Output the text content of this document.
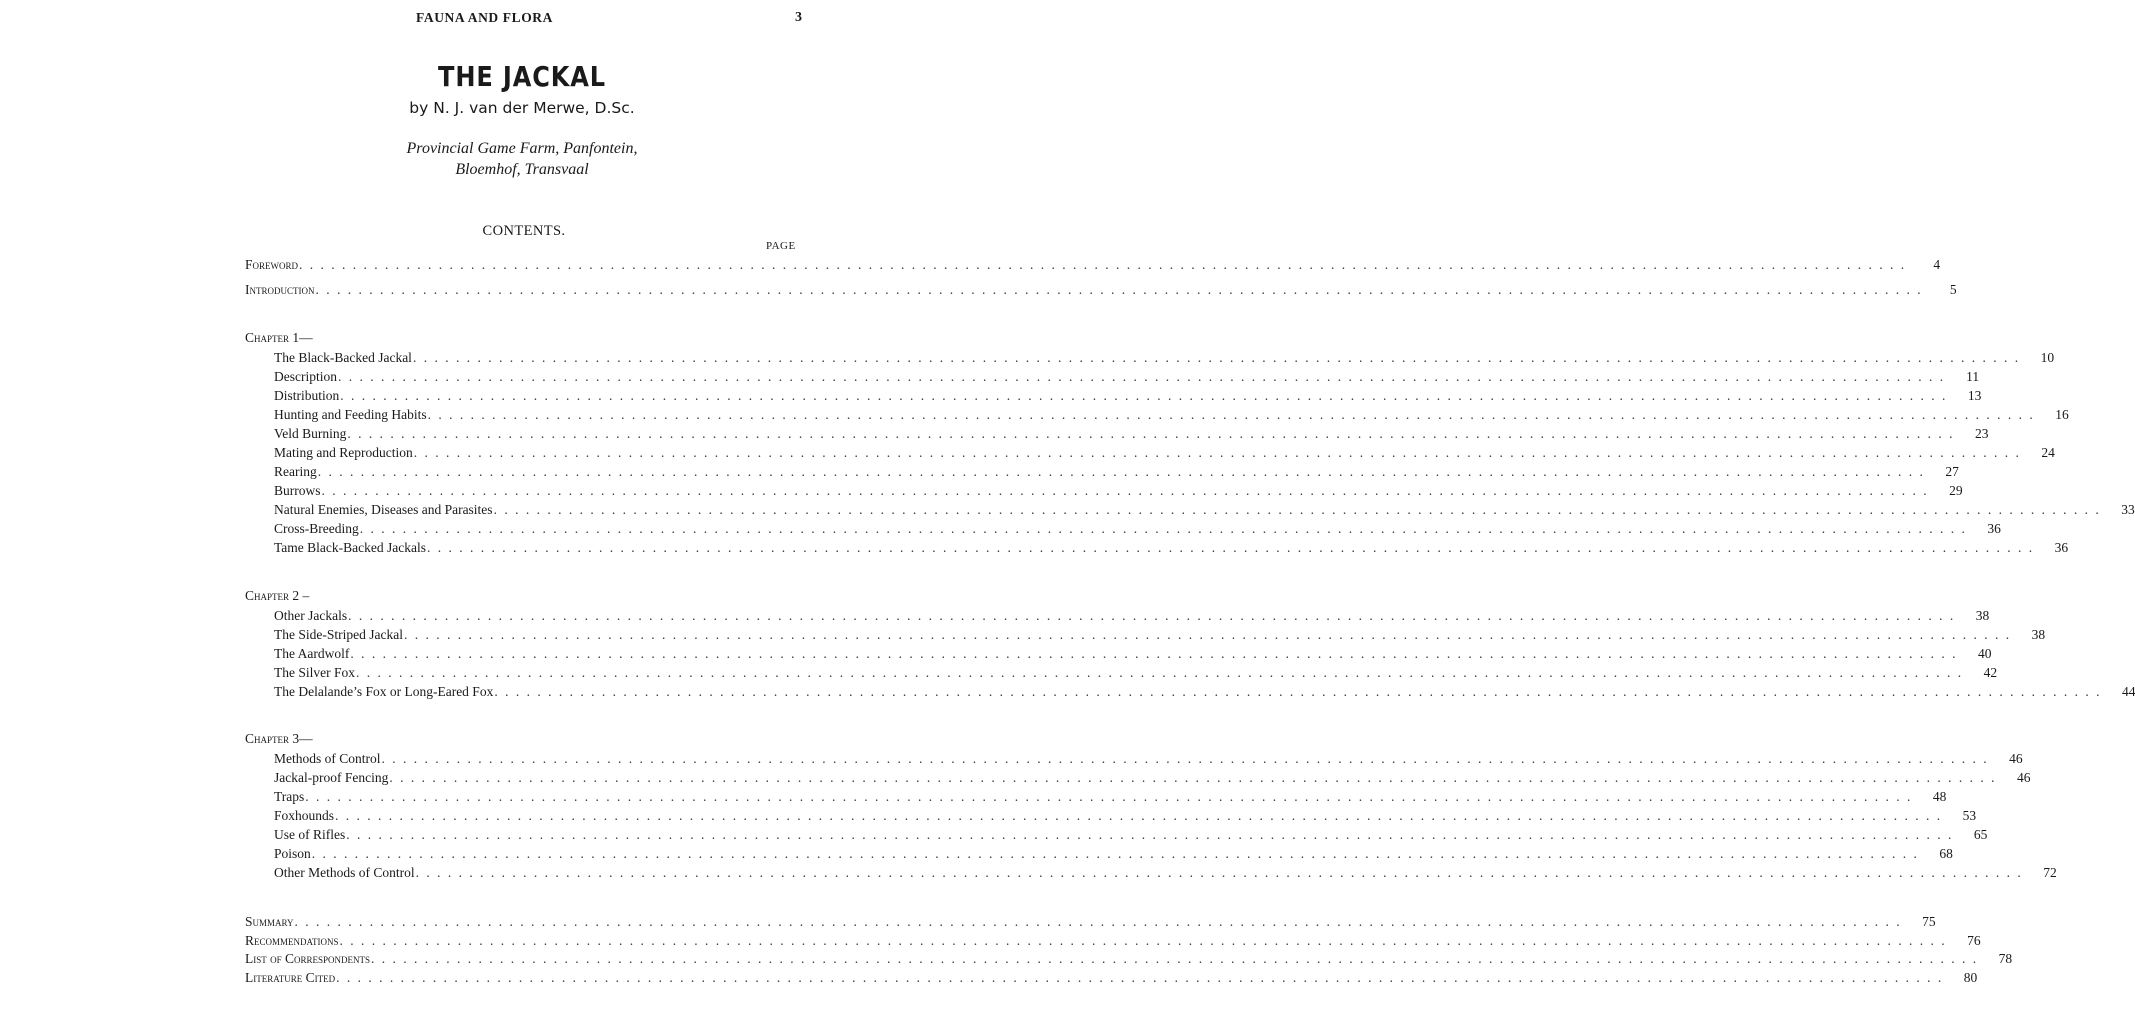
FAUNA AND FLORA	3
THE JACKAL
by N. J. van der Merwe, D.Sc.
Provincial Game Farm, Panfontein,
Bloemhof, Transvaal
CONTENTS.
PAGE
Foreword . . . . . . . . . . . . . . . . . . . . . . . . . . . . . . . . . . . . . . . . . . . . . . . . . . . . . . . . . . . . . . . . . . . . . . . . . . . . . . . . . . . . . . . . . . . . . . . . . . . . . . . . . . . . . . . . . . . . . . . . . . . . . . . . . . . . . . . . . . . . . . . . . . . . . .	4
Introduction . . . . . . . . . . . . . . . . . . . . . . . . . . . . . . . . . . . . . . . . . . . . . . . . . . . . . . . . . . . . . . . . . . . . . . . . . . . . . . . . . . . . . . . . . . . . . . . . . . . . . . . . . . . . . . . . . . . . . . . . . . . . . . . . . . . . . . . . . . . . . . . . . . . . . .	5
Chapter 1—
The Black-Backed Jackal . . . . . . . . . . . . . . . . . . . . . . . . . . . . . . . . . . . . . . . . . . . . . . . . . . . . . . . . . . . . . . . . . . . . . . . . . . . . . . . . . . . . . . . . . . . . . . . . . . . . . . . . . . . . . . . . . . . . . . . . . . . . . . . . . . . . . . . . . . . . . . . . . . . . . .	10
Description . . . . . . . . . . . . . . . . . . . . . . . . . . . . . . . . . . . . . . . . . . . . . . . . . . . . . . . . . . . . . . . . . . . . . . . . . . . . . . . . . . . . . . . . . . . . . . . . . . . . . . . . . . . . . . . . . . . . . . . . . . . . . . . . . . . . . . . . . . . . . . . . . . . . . .	11
Distribution . . . . . . . . . . . . . . . . . . . . . . . . . . . . . . . . . . . . . . . . . . . . . . . . . . . . . . . . . . . . . . . . . . . . . . . . . . . . . . . . . . . . . . . . . . . . . . . . . . . . . . . . . . . . . . . . . . . . . . . . . . . . . . . . . . . . . . . . . . . . . . . . . . . . . .	13
Hunting and Feeding Habits . . . . . . . . . . . . . . . . . . . . . . . . . . . . . . . . . . . . . . . . . . . . . . . . . . . . . . . . . . . . . . . . . . . . . . . . . . . . . . . . . . . . . . . . . . . . . . . . . . . . . . . . . . . . . . . . . . . . . . . . . . . . . . . . . . . . . . . . . . . . . . . . . . . . . .	16
Veld Burning . . . . . . . . . . . . . . . . . . . . . . . . . . . . . . . . . . . . . . . . . . . . . . . . . . . . . . . . . . . . . . . . . . . . . . . . . . . . . . . . . . . . . . . . . . . . . . . . . . . . . . . . . . . . . . . . . . . . . . . . . . . . . . . . . . . . . . . . . . . . . . . . . . . . . .	23
Mating and Reproduction . . . . . . . . . . . . . . . . . . . . . . . . . . . . . . . . . . . . . . . . . . . . . . . . . . . . . . . . . . . . . . . . . . . . . . . . . . . . . . . . . . . . . . . . . . . . . . . . . . . . . . . . . . . . . . . . . . . . . . . . . . . . . . . . . . . . . . . . . . . . . . . . . . . . . .	24
Rearing . . . . . . . . . . . . . . . . . . . . . . . . . . . . . . . . . . . . . . . . . . . . . . . . . . . . . . . . . . . . . . . . . . . . . . . . . . . . . . . . . . . . . . . . . . . . . . . . . . . . . . . . . . . . . . . . . . . . . . . . . . . . . . . . . . . . . . . . . . . . . . . . . . . . . .	27
Burrows . . . . . . . . . . . . . . . . . . . . . . . . . . . . . . . . . . . . . . . . . . . . . . . . . . . . . . . . . . . . . . . . . . . . . . . . . . . . . . . . . . . . . . . . . . . . . . . . . . . . . . . . . . . . . . . . . . . . . . . . . . . . . . . . . . . . . . . . . . . . . . . . . . . . . .	29
Natural Enemies, Diseases and Parasites . . . . . . . . . . . . . . . . . . . . . . . . . . . . . . . . . . . . . . . . . . . . . . . . . . . . . . . . . . . . . . . . . . . . . . . . . . . . . . . . . . . . . . . . . . . . . . . . . . . . . . . . . . . . . . . . . . . . . . . . . . . . . . . . . . . . . . . . . . . . . . . . . . . . . .	33
Cross-Breeding . . . . . . . . . . . . . . . . . . . . . . . . . . . . . . . . . . . . . . . . . . . . . . . . . . . . . . . . . . . . . . . . . . . . . . . . . . . . . . . . . . . . . . . . . . . . . . . . . . . . . . . . . . . . . . . . . . . . . . . . . . . . . . . . . . . . . . . . . . . . . . . . . . . . . .	36
Tame Black-Backed Jackals . . . . . . . . . . . . . . . . . . . . . . . . . . . . . . . . . . . . . . . . . . . . . . . . . . . . . . . . . . . . . . . . . . . . . . . . . . . . . . . . . . . . . . . . . . . . . . . . . . . . . . . . . . . . . . . . . . . . . . . . . . . . . . . . . . . . . . . . . . . . . . . . . . . . . .	36
Chapter 2 –
Other Jackals . . . . . . . . . . . . . . . . . . . . . . . . . . . . . . . . . . . . . . . . . . . . . . . . . . . . . . . . . . . . . . . . . . . . . . . . . . . . . . . . . . . . . . . . . . . . . . . . . . . . . . . . . . . . . . . . . . . . . . . . . . . . . . . . . . . . . . . . . . . . . . . . . . . . . .	38
The Side-Striped Jackal . . . . . . . . . . . . . . . . . . . . . . . . . . . . . . . . . . . . . . . . . . . . . . . . . . . . . . . . . . . . . . . . . . . . . . . . . . . . . . . . . . . . . . . . . . . . . . . . . . . . . . . . . . . . . . . . . . . . . . . . . . . . . . . . . . . . . . . . . . . . . . . . . . . . . .	38
The Aardwolf . . . . . . . . . . . . . . . . . . . . . . . . . . . . . . . . . . . . . . . . . . . . . . . . . . . . . . . . . . . . . . . . . . . . . . . . . . . . . . . . . . . . . . . . . . . . . . . . . . . . . . . . . . . . . . . . . . . . . . . . . . . . . . . . . . . . . . . . . . . . . . . . . . . . . .	40
The Silver Fox . . . . . . . . . . . . . . . . . . . . . . . . . . . . . . . . . . . . . . . . . . . . . . . . . . . . . . . . . . . . . . . . . . . . . . . . . . . . . . . . . . . . . . . . . . . . . . . . . . . . . . . . . . . . . . . . . . . . . . . . . . . . . . . . . . . . . . . . . . . . . . . . . . . . . .	42
The Delalande’s Fox or Long-Eared Fox . . . . . . . . . . . . . . . . . . . . . . . . . . . . . . . . . . . . . . . . . . . . . . . . . . . . . . . . . . . . . . . . . . . . . . . . . . . . . . . . . . . . . . . . . . . . . . . . . . . . . . . . . . . . . . . . . . . . . . . . . . . . . . . . . . . . . . . . . . . . . . . . . . . . . .	44
Chapter 3—
Methods of Control . . . . . . . . . . . . . . . . . . . . . . . . . . . . . . . . . . . . . . . . . . . . . . . . . . . . . . . . . . . . . . . . . . . . . . . . . . . . . . . . . . . . . . . . . . . . . . . . . . . . . . . . . . . . . . . . . . . . . . . . . . . . . . . . . . . . . . . . . . . . . . . . . . . . . .	46
Jackal-proof Fencing . . . . . . . . . . . . . . . . . . . . . . . . . . . . . . . . . . . . . . . . . . . . . . . . . . . . . . . . . . . . . . . . . . . . . . . . . . . . . . . . . . . . . . . . . . . . . . . . . . . . . . . . . . . . . . . . . . . . . . . . . . . . . . . . . . . . . . . . . . . . . . . . . . . . . .	46
Traps . . . . . . . . . . . . . . . . . . . . . . . . . . . . . . . . . . . . . . . . . . . . . . . . . . . . . . . . . . . . . . . . . . . . . . . . . . . . . . . . . . . . . . . . . . . . . . . . . . . . . . . . . . . . . . . . . . . . . . . . . . . . . . . . . . . . . . . . . . . . . . . . . . . . . .	48
Foxhounds . . . . . . . . . . . . . . . . . . . . . . . . . . . . . . . . . . . . . . . . . . . . . . . . . . . . . . . . . . . . . . . . . . . . . . . . . . . . . . . . . . . . . . . . . . . . . . . . . . . . . . . . . . . . . . . . . . . . . . . . . . . . . . . . . . . . . . . . . . . . . . . . . . . . . .	53
Use of Rifles . . . . . . . . . . . . . . . . . . . . . . . . . . . . . . . . . . . . . . . . . . . . . . . . . . . . . . . . . . . . . . . . . . . . . . . . . . . . . . . . . . . . . . . . . . . . . . . . . . . . . . . . . . . . . . . . . . . . . . . . . . . . . . . . . . . . . . . . . . . . . . . . . . . . . .	65
Poison . . . . . . . . . . . . . . . . . . . . . . . . . . . . . . . . . . . . . . . . . . . . . . . . . . . . . . . . . . . . . . . . . . . . . . . . . . . . . . . . . . . . . . . . . . . . . . . . . . . . . . . . . . . . . . . . . . . . . . . . . . . . . . . . . . . . . . . . . . . . . . . . . . . . . .	68
Other Methods of Control . . . . . . . . . . . . . . . . . . . . . . . . . . . . . . . . . . . . . . . . . . . . . . . . . . . . . . . . . . . . . . . . . . . . . . . . . . . . . . . . . . . . . . . . . . . . . . . . . . . . . . . . . . . . . . . . . . . . . . . . . . . . . . . . . . . . . . . . . . . . . . . . . . . . . .	72
Summary . . . . . . . . . . . . . . . . . . . . . . . . . . . . . . . . . . . . . . . . . . . . . . . . . . . . . . . . . . . . . . . . . . . . . . . . . . . . . . . . . . . . . . . . . . . . . . . . . . . . . . . . . . . . . . . . . . . . . . . . . . . . . . . . . . . . . . . . . . . . . . . . . . . . . .	75
Recommendations . . . . . . . . . . . . . . . . . . . . . . . . . . . . . . . . . . . . . . . . . . . . . . . . . . . . . . . . . . . . . . . . . . . . . . . . . . . . . . . . . . . . . . . . . . . . . . . . . . . . . . . . . . . . . . . . . . . . . . . . . . . . . . . . . . . . . . . . . . . . . . . . . . . . . .	76
List of Correspondents . . . . . . . . . . . . . . . . . . . . . . . . . . . . . . . . . . . . . . . . . . . . . . . . . . . . . . . . . . . . . . . . . . . . . . . . . . . . . . . . . . . . . . . . . . . . . . . . . . . . . . . . . . . . . . . . . . . . . . . . . . . . . . . . . . . . . . . . . . . . . . . . . . . . . .	78
Literature Cited . . . . . . . . . . . . . . . . . . . . . . . . . . . . . . . . . . . . . . . . . . . . . . . . . . . . . . . . . . . . . . . . . . . . . . . . . . . . . . . . . . . . . . . . . . . . . . . . . . . . . . . . . . . . . . . . . . . . . . . . . . . . . . . . . . . . . . . . . . . . . . . . . . . . . .	80
